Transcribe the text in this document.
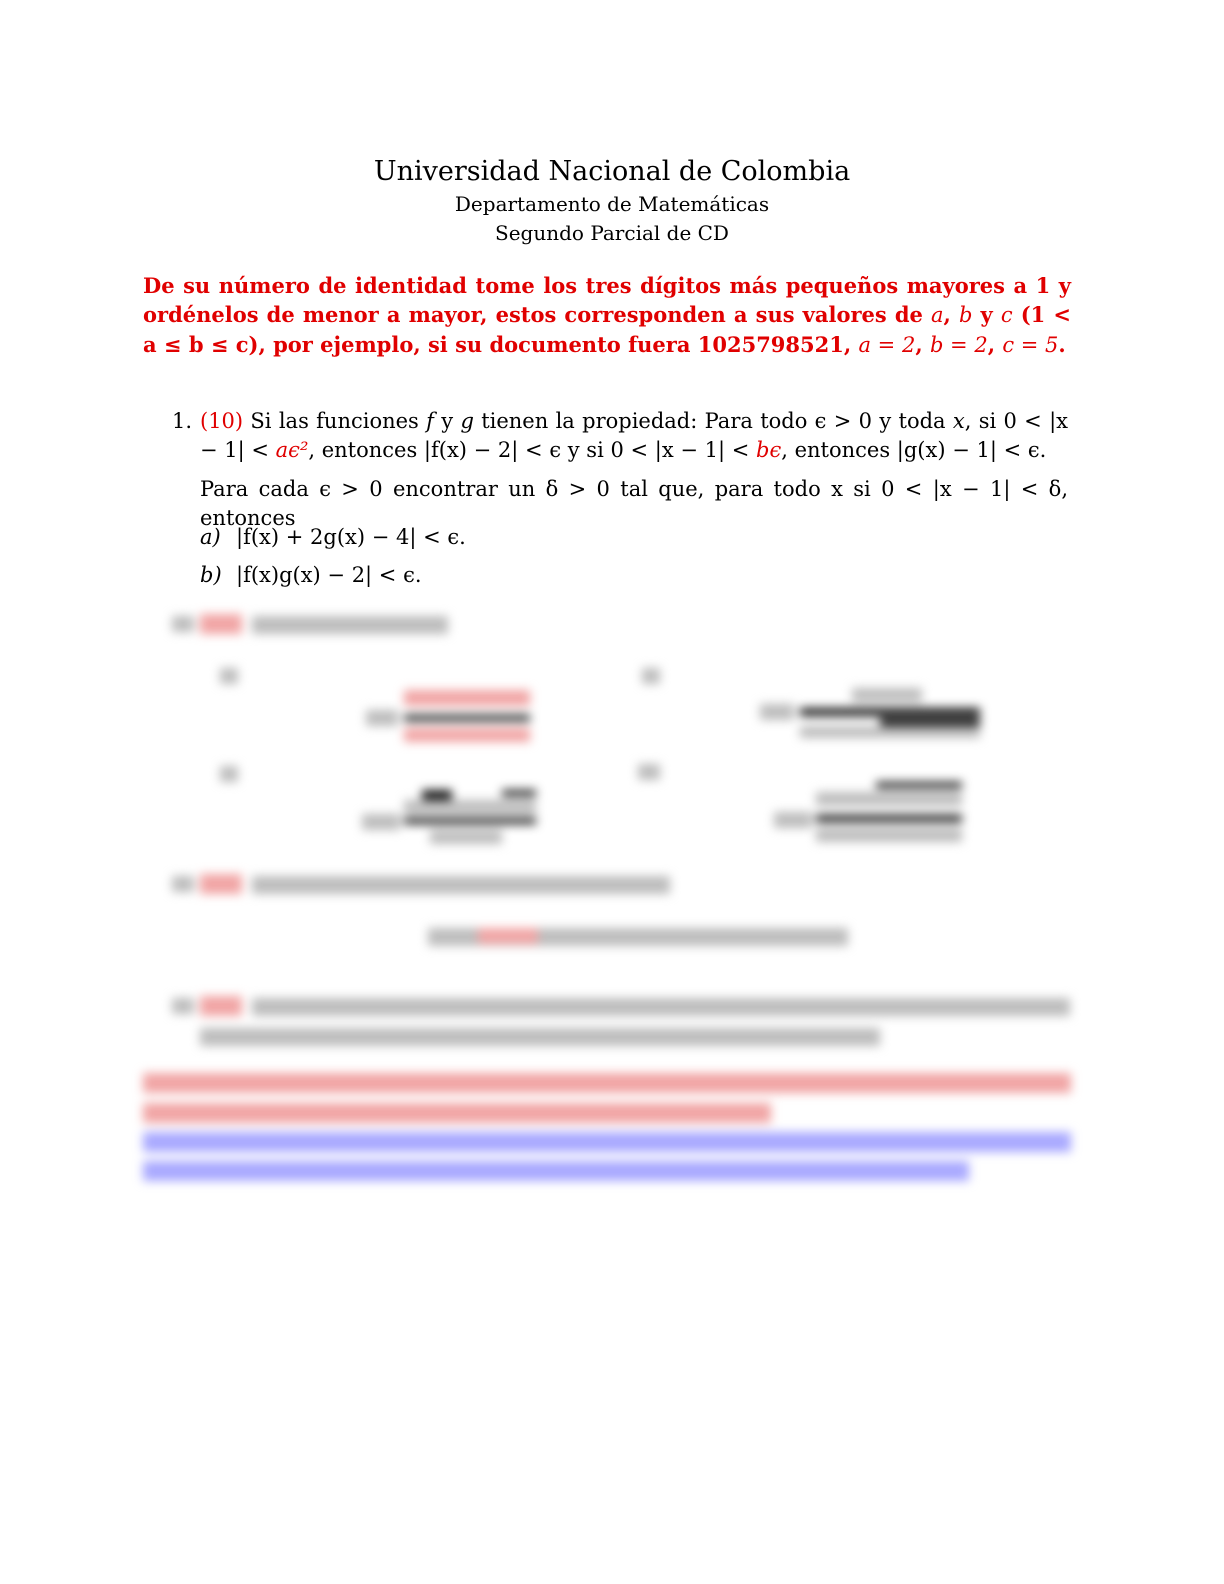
Universidad Nacional de Colombia
Departamento de Matemáticas
Segundo Parcial de CD
De su número de identidad tome los tres dígitos más pequeños mayores a 1 y ordénelos de menor a mayor, estos corresponden a sus valores de a, b y c (1 < a ≤ b ≤ c), por ejemplo, si su documento fuera 1025798521, a = 2, b = 2, c = 5.
1. (10) Si las funciones f y g tienen la propiedad: Para todo ϵ > 0 y toda x, si 0 < |x − 1| < aϵ², entonces |f(x) − 2| < ϵ y si 0 < |x − 1| < bϵ, entonces |g(x) − 1| < ϵ.
Para cada ϵ > 0 encontrar un δ > 0 tal que, para todo x si 0 < |x − 1| < δ, entonces
a) |f(x) + 2g(x) − 4| < ϵ.
b) |f(x)g(x) − 2| < ϵ.
